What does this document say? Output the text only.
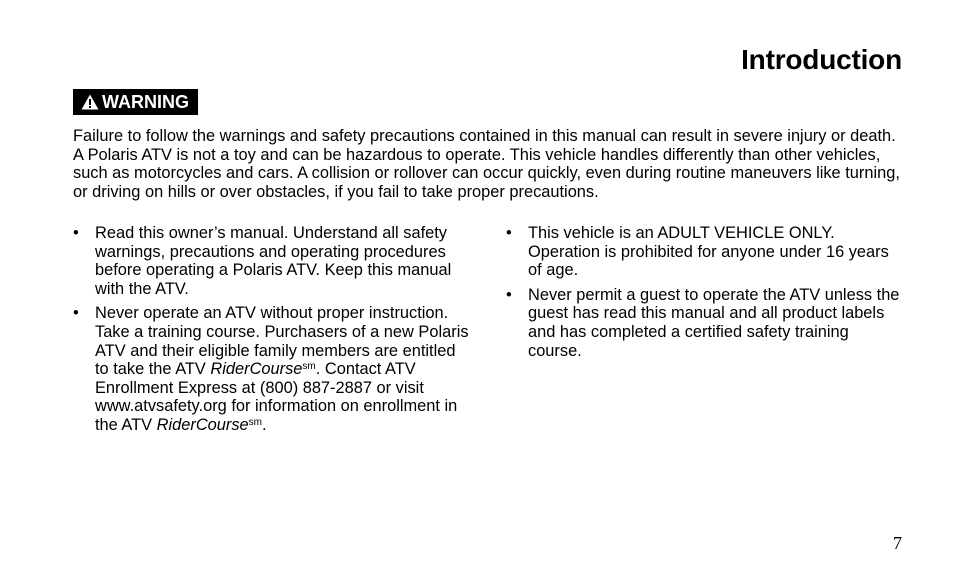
Introduction
WARNING

Failure to follow the warnings and safety precautions contained in this manual can result in severe injury or death. A Polaris ATV is not a toy and can be hazardous to operate. This vehicle handles differently than other vehicles, such as motorcycles and cars. A collision or rollover can occur quickly, even during routine maneuvers like turning, or driving on hills or over obstacles, if you fail to take proper precautions.

• Read this owner’s manual. Understand all safety warnings, precautions and operating procedures before operating a Polaris ATV. Keep this manual with the ATV.
• Never operate an ATV without proper instruction. Take a training course. Purchasers of a new Polaris ATV and their eligible family members are entitled to take the ATV RiderCourse$^{sm}$. Contact ATV Enrollment Express at (800) 887-2887 or visit www.atvsafety.org for information on enrollment in the ATV RiderCourse$^{sm}$.
• This vehicle is an ADULT VEHICLE ONLY. Operation is prohibited for anyone under 16 years of age.
• Never permit a guest to operate the ATV unless the guest has read this manual and all product labels and has completed a certified safety training course.
7
